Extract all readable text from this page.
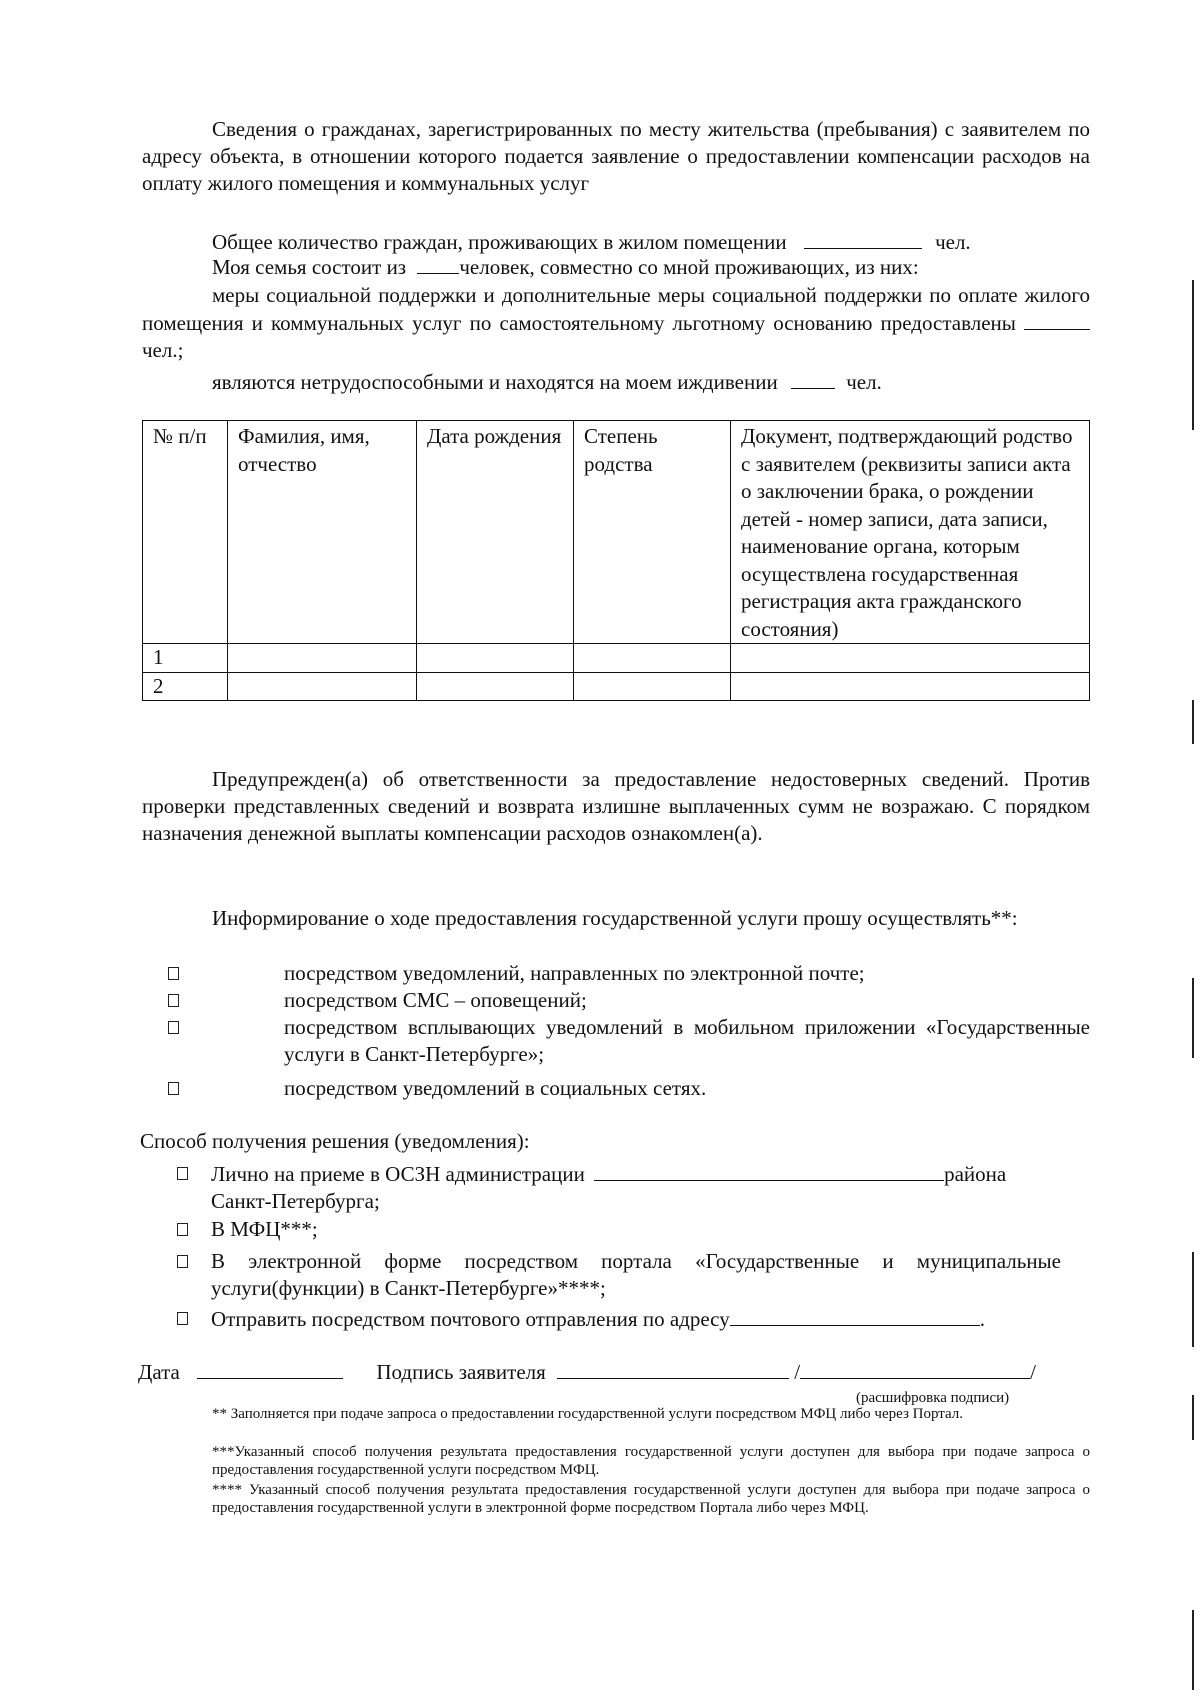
Сведения о гражданах, зарегистрированных по месту жительства (пребывания) с заявителем по адресу объекта, в отношении которого подается заявление о предоставлении компенсации расходов на оплату жилого помещения и коммунальных услуг

Общее количество граждан, проживающих в жилом помещении	чел.

Моя семья состоит из	человек, совместно со мной проживающих, из них:

меры социальной поддержки и дополнительные меры социальной поддержки по оплате жилого помещения и коммунальных услуг по самостоятельному льготному основанию предоставлены чел.;

являются нетрудоспособными и находятся на моем иждивении	чел.

№ п/п	Фамилия, имя, отчество	Дата рождения	Степень родства	Документ, подтверждающий родство с заявителем (реквизиты записи акта о заключении брака, о рождении детей - номер записи, дата записи, наименование органа, которым осуществлена государственная регистрация акта гражданского состояния)
1				
2				

Предупрежден(а) об ответственности за предоставление недостоверных сведений. Против проверки представленных сведений и возврата излишне выплаченных сумм не возражаю. С порядком назначения денежной выплаты компенсации расходов ознакомлен(а).

Информирование о ходе предоставления государственной услуги прошу осуществлять**:

посредством уведомлений, направленных по электронной почте;
посредством СМС – оповещений;
посредством всплывающих уведомлений в мобильном приложении «Государственные услуги в Санкт-Петербурге»;
посредством уведомлений в социальных сетях.

Способ получения решения (уведомления):

Лично на приеме в ОСЗН администрации	района
Санкт-Петербурга;
В МФЦ***;
В электронной форме посредством портала «Государственные и муниципальные услуги(функции) в Санкт-Петербурге»****;
Отправить посредством почтового отправления по адресу	.

Дата	Подпись заявителя	/	/

(расшифровка подписи)

** Заполняется при подаче запроса о предоставлении государственной услуги посредством МФЦ либо через Портал.

***Указанный способ получения результата предоставления государственной услуги доступен для выбора при подаче запроса о предоставления государственной услуги посредством МФЦ.

**** Указанный способ получения результата предоставления государственной услуги доступен для выбора при подаче запроса о предоставления государственной услуги в электронной форме посредством Портала либо через МФЦ.
